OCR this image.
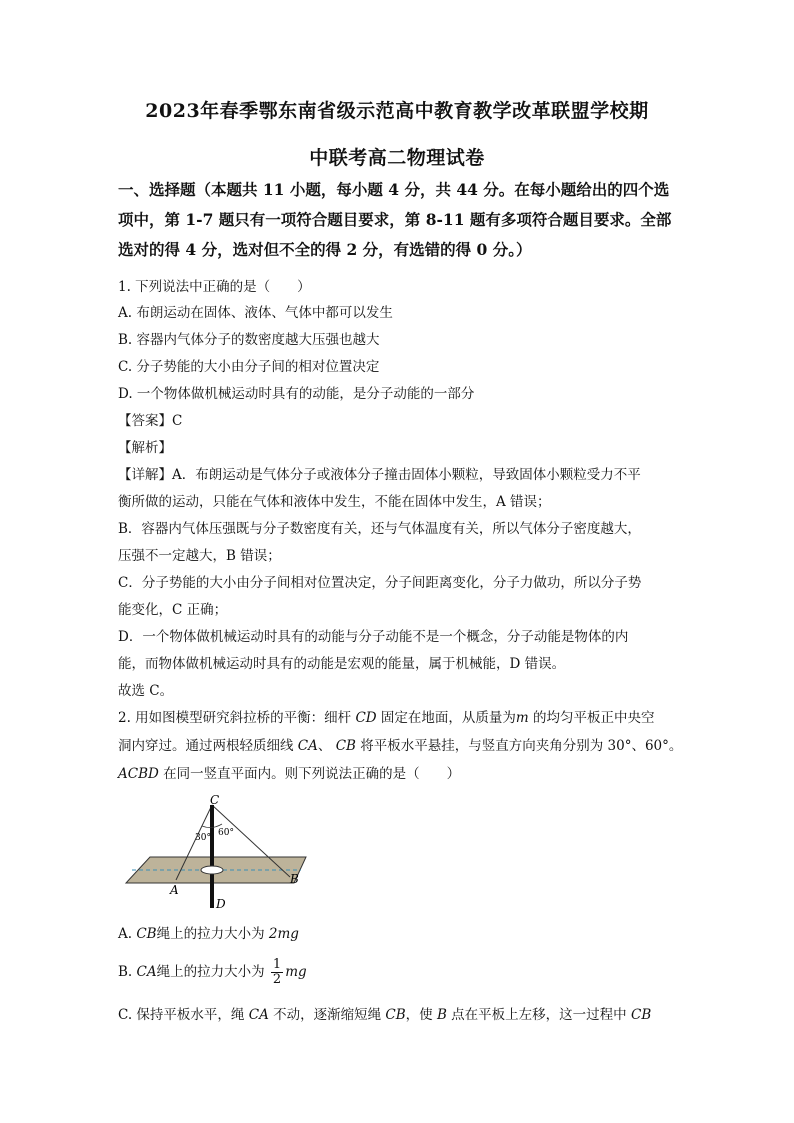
2023年春季鄂东南省级示范高中教育教学改革联盟学校期
中联考高二物理试卷
一、选择题（本题共 11 小题，每小题 4 分，共 44 分。在每小题给出的四个选
项中，第 1-7 题只有一项符合题目要求，第 8-11 题有多项符合题目要求。全部
选对的得 4 分，选对但不全的得 2 分，有选错的得 0 分。）
1. 下列说法中正确的是（　　）
A. 布朗运动在固体、液体、气体中都可以发生
B. 容器内气体分子的数密度越大压强也越大
C. 分子势能的大小由分子间的相对位置决定
D. 一个物体做机械运动时具有的动能，是分子动能的一部分
【答案】C
【解析】
【详解】A．布朗运动是气体分子或液体分子撞击固体小颗粒，导致固体小颗粒受力不平
衡所做的运动，只能在气体和液体中发生，不能在固体中发生，A 错误；
B．容器内气体压强既与分子数密度有关，还与气体温度有关，所以气体分子密度越大，
压强不一定越大，B 错误；
C．分子势能的大小由分子间相对位置决定，分子间距离变化，分子力做功，所以分子势
能变化，C 正确；
D．一个物体做机械运动时具有的动能与分子动能不是一个概念，分子动能是物体的内
能，而物体做机械运动时具有的动能是宏观的能量，属于机械能，D 错误。
故选 C。
2. 用如图模型研究斜拉桥的平衡：细杆 CD 固定在地面，从质量为m 的均匀平板正中央空
洞内穿过。通过两根轻质细线 CA、 CB 将平板水平悬挂，与竖直方向夹角分别为 30°、60°。
ACBD 在同一竖直平面内。则下列说法正确的是（　　）
C
D
A
B
30° 60°
A. CB绳上的拉力大小为 2mg
B. CA绳上的拉力大小为 $\frac{1}{2}$ mg
C. 保持平板水平，绳 CA 不动，逐渐缩短绳 CB，使 B 点在平板上左移，这一过程中 CB
